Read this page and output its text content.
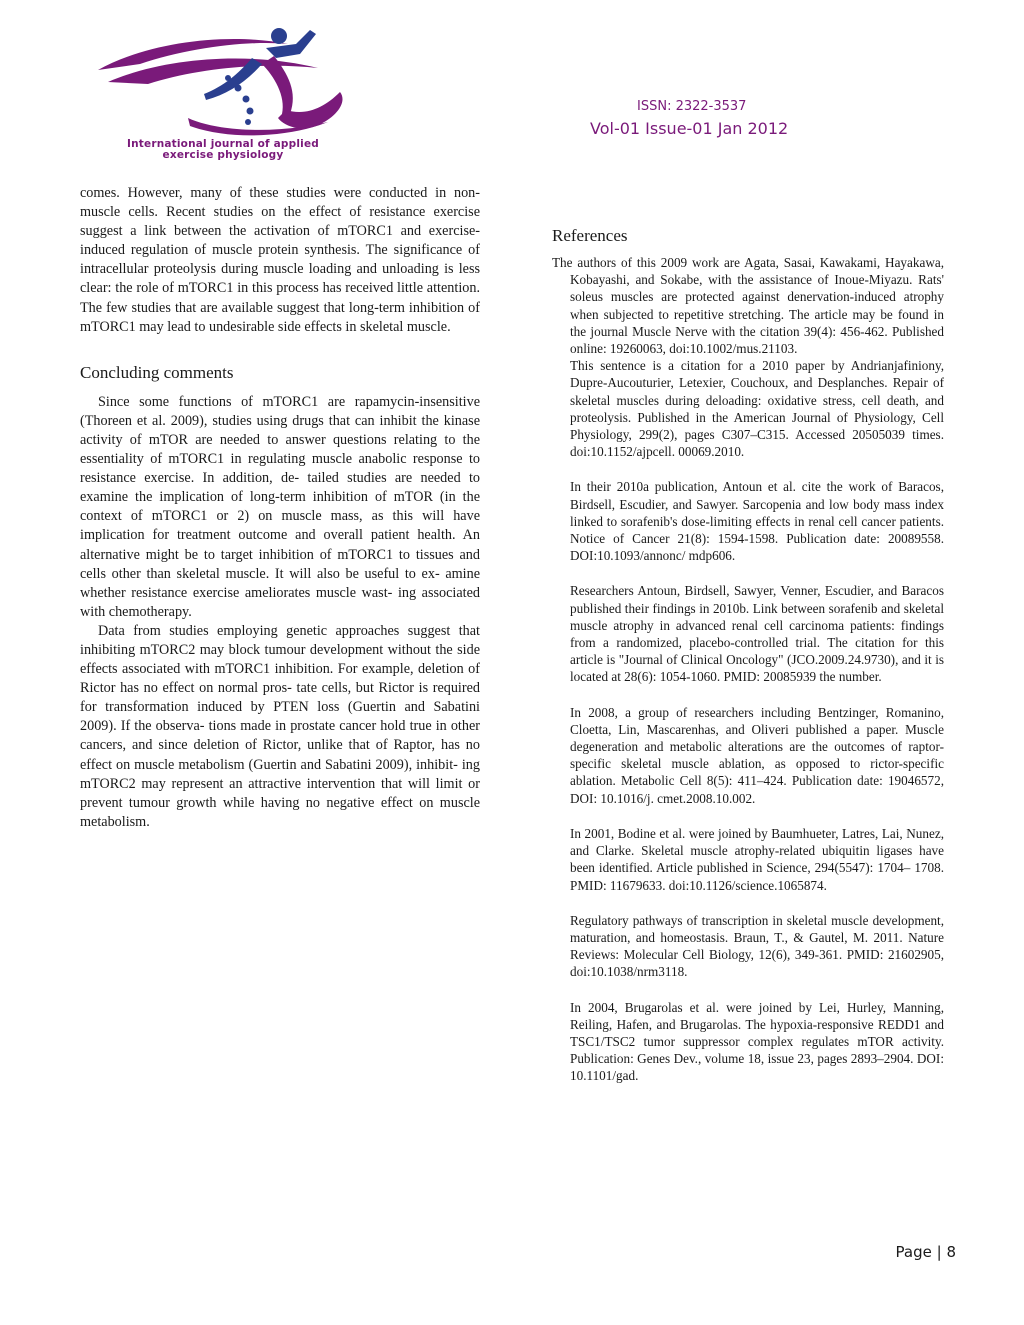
International journal of applied
exercise physiology
ISSN: 2322-3537
Vol-01 Issue-01 Jan 2012

comes. However, many of these studies were conducted in non-muscle cells. Recent studies on the effect of resistance exercise suggest a link between the activation of mTORC1 and exercise-induced regulation of muscle protein synthesis. The significance of intracellular proteolysis during muscle loading and unloading is less clear: the role of mTORC1 in this process has received little attention. The few studies that are available suggest that long-term inhibition of mTORC1 may lead to undesirable side effects in skeletal muscle.

Concluding comments

Since some functions of mTORC1 are rapamycin-insensitive (Thoreen et al. 2009), studies using drugs that can inhibit the kinase activity of mTOR are needed to answer questions relating to the essentiality of mTORC1 in regulating muscle anabolic response to resistance exercise. In addition, de- tailed studies are needed to examine the implication of long-term inhibition of mTOR (in the context of mTORC1 or 2) on muscle mass, as this will have implication for treatment outcome and overall patient health. An alternative might be to target inhibition of mTORC1 to tissues and cells other than skeletal muscle. It will also be useful to ex- amine whether resistance exercise ameliorates muscle wast- ing associated with chemotherapy.

Data from studies employing genetic approaches suggest that inhibiting mTORC2 may block tumour development without the side effects associated with mTORC1 inhibition. For example, deletion of Rictor has no effect on normal pros- tate cells, but Rictor is required for transformation induced by PTEN loss (Guertin and Sabatini 2009). If the observa- tions made in prostate cancer hold true in other cancers, and since deletion of Rictor, unlike that of Raptor, has no effect on muscle metabolism (Guertin and Sabatini 2009), inhibit- ing mTORC2 may represent an attractive intervention that will limit or prevent tumour growth while having no negative effect on muscle metabolism.

References

The authors of this 2009 work are Agata, Sasai, Kawakami, Hayakawa, Kobayashi, and Sokabe, with the assistance of Inoue-Miyazu. Rats' soleus muscles are protected against denervation-induced atrophy when subjected to repetitive stretching. The article may be found in the journal Muscle Nerve with the citation 39(4): 456-462. Published online: 19260063, doi:10.1002/mus.21103.

This sentence is a citation for a 2010 paper by Andrianjafiniony, Dupre-Aucouturier, Letexier, Couchoux, and Desplanches. Repair of skeletal muscles during deloading: oxidative stress, cell death, and proteolysis. Published in the American Journal of Physiology, Cell Physiology, 299(2), pages C307–C315. Accessed 20505039 times. doi:10.1152/ajpcell. 00069.2010.

In their 2010a publication, Antoun et al. cite the work of Baracos, Birdsell, Escudier, and Sawyer. Sarcopenia and low body mass index linked to sorafenib's dose-limiting effects in renal cell cancer patients. Notice of Cancer 21(8): 1594-1598. Publication date: 20089558. DOI:10.1093/annonc/ mdp606.

Researchers Antoun, Birdsell, Sawyer, Venner, Escudier, and Baracos published their findings in 2010b. Link between sorafenib and skeletal muscle atrophy in advanced renal cell carcinoma patients: findings from a randomized, placebo-controlled trial. The citation for this article is "Journal of Clinical Oncology" (JCO.2009.24.9730), and it is located at 28(6): 1054-1060. PMID: 20085939 the number.

In 2008, a group of researchers including Bentzinger, Romanino, Cloetta, Lin, Mascarenhas, and Oliveri published a paper. Muscle degeneration and metabolic alterations are the outcomes of raptor-specific skeletal muscle ablation, as opposed to rictor-specific ablation. Metabolic Cell 8(5): 411–424. Publication date: 19046572, DOI: 10.1016/j. cmet.2008.10.002.

In 2001, Bodine et al. were joined by Baumhueter, Latres, Lai, Nunez, and Clarke. Skeletal muscle atrophy-related ubiquitin ligases have been identified. Article published in Science, 294(5547): 1704– 1708. PMID: 11679633. doi:10.1126/science.1065874.

Regulatory pathways of transcription in skeletal muscle development, maturation, and homeostasis. Braun, T., & Gautel, M. 2011. Nature Reviews: Molecular Cell Biology, 12(6), 349-361. PMID: 21602905, doi:10.1038/nrm3118.

In 2004, Brugarolas et al. were joined by Lei, Hurley, Manning, Reiling, Hafen, and Brugarolas. The hypoxia-responsive REDD1 and TSC1/TSC2 tumor suppressor complex regulates mTOR activity. Publication: Genes Dev., volume 18, issue 23, pages 2893–2904. DOI: 10.1101/gad.

Page | 8
